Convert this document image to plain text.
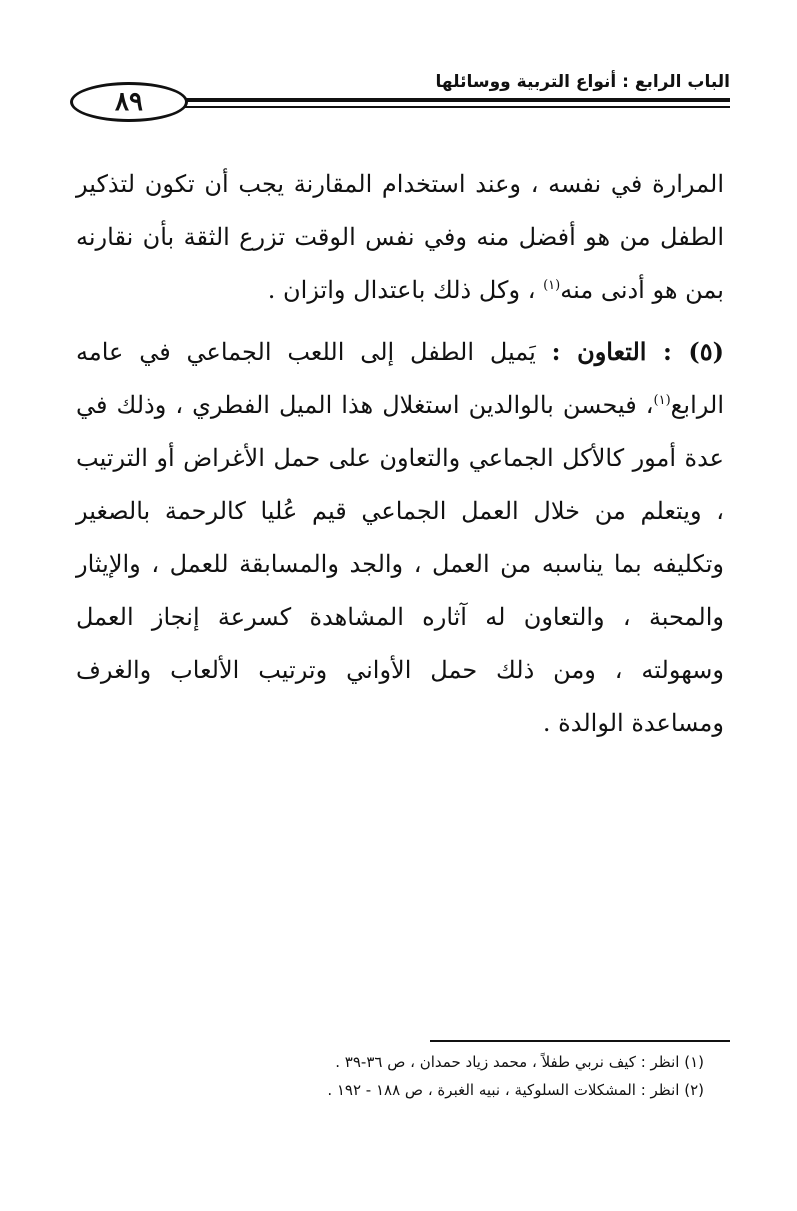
٨٩
الباب الرابع : أنواع التربية ووسائلها

المرارة في نفسه ، وعند استخدام المقارنة يجب أن تكون لتذكير الطفل من هو أفضل منه وفي نفس الوقت تزرع الثقة بأن نقارنه بمن هو أدنى منه$^{(١)}$ ، وكل ذلك باعتدال واتزان .

(٥) : التعاون : يَميل الطفل إلى اللعب الجماعي في عامه الرابع$^{(١)}$، فيحسن بالوالدين استغلال هذا الميل الفطري ، وذلك في عدة أمور كالأكل الجماعي والتعاون على حمل الأغراض أو الترتيب ، ويتعلم من خلال العمل الجماعي قيم عُليا كالرحمة بالصغير وتكليفه بما يناسبه من العمل ، والجد والمسابقة للعمل ، والإيثار والمحبة ، والتعاون له آثاره المشاهدة كسرعة إنجاز العمل وسهولته ، ومن ذلك حمل الأواني وترتيب الألعاب والغرف ومساعدة الوالدة .

(١) انظر : كيف نربي طفلاً ، محمد زياد حمدان ، ص ٣٦-٣٩ .

(٢) انظر : المشكلات السلوكية ، نبيه الغبرة ، ص ١٨٨ - ١٩٢ .
